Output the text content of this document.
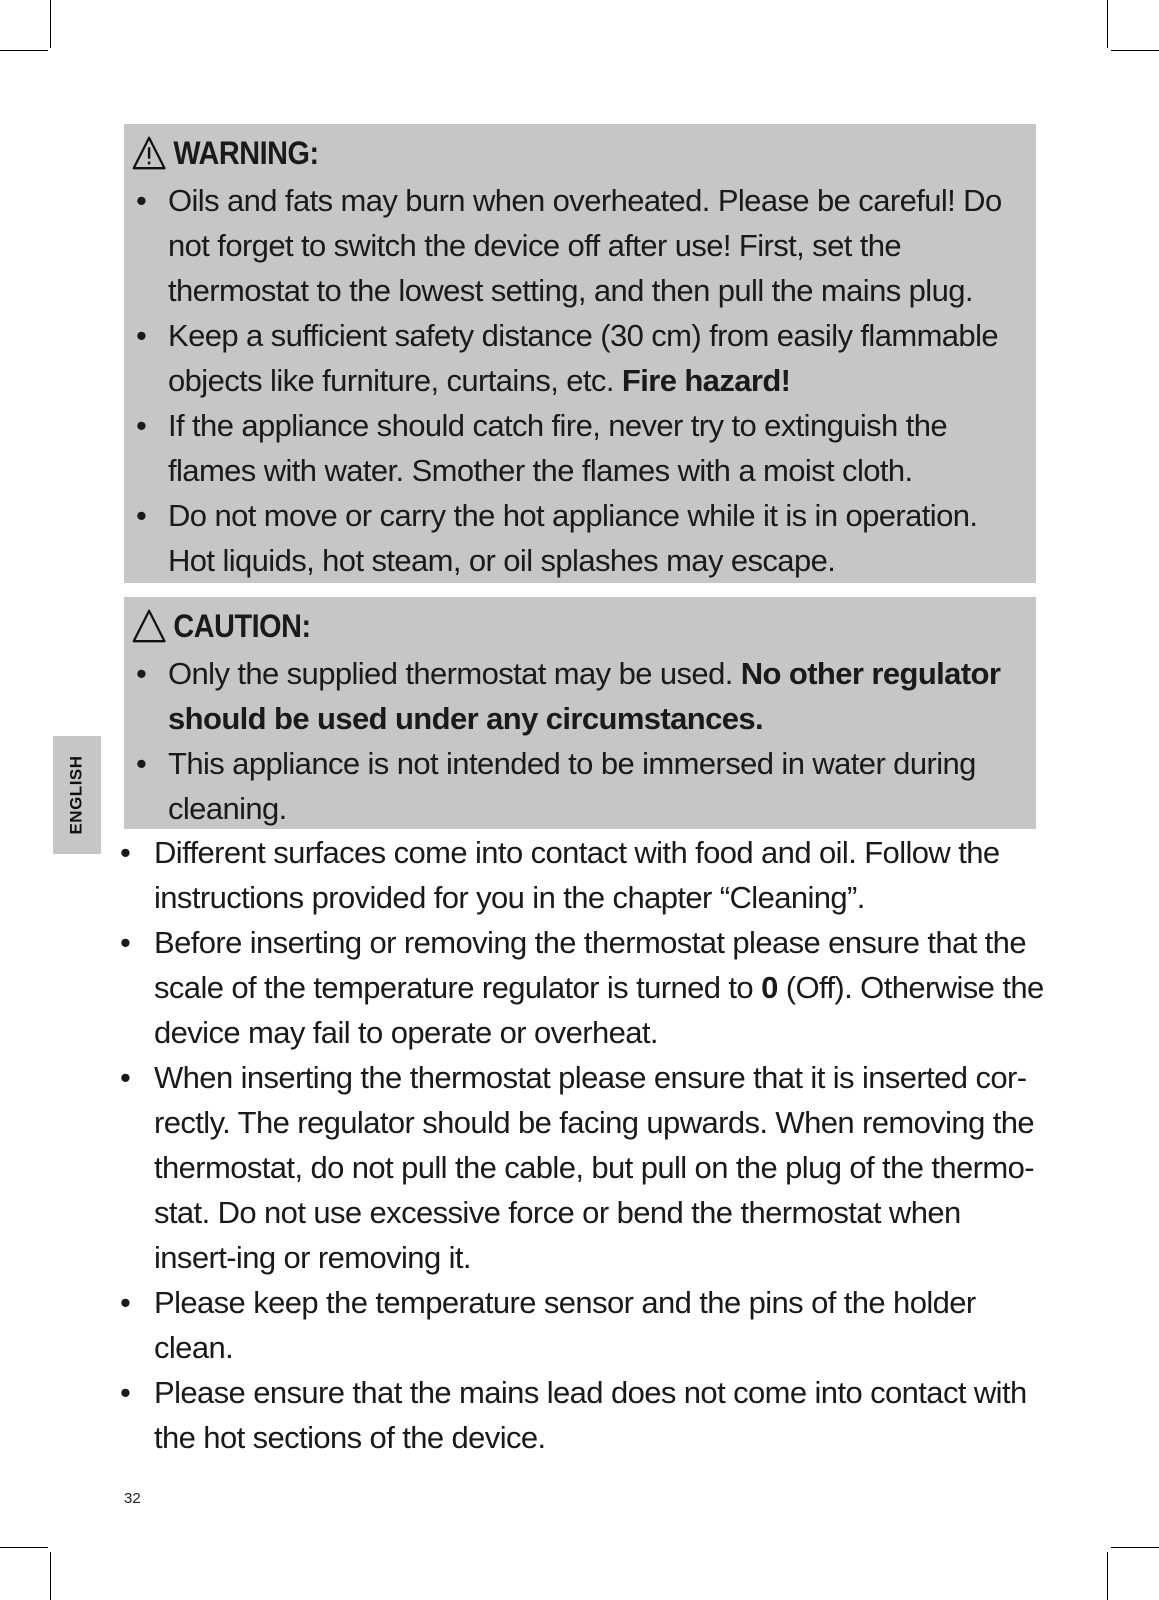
ENGLISH
WARNING:
• Oils and fats may burn when overheated. Please be careful! Do not forget to switch the device off after use! First, set the thermostat to the lowest setting, and then pull the mains plug.
• Keep a sufficient safety distance (30 cm) from easily flammable objects like furniture, curtains, etc. Fire hazard!
• If the appliance should catch fire, never try to extinguish the flames with water. Smother the flames with a moist cloth.
• Do not move or carry the hot appliance while it is in operation. Hot liquids, hot steam, or oil splashes may escape.
CAUTION:
• Only the supplied thermostat may be used. No other regulator should be used under any circumstances.
• This appliance is not intended to be immersed in water during cleaning.
• Different surfaces come into contact with food and oil. Follow the instructions provided for you in the chapter “Cleaning”.
• Before inserting or removing the thermostat please ensure that the scale of the temperature regulator is turned to 0 (Off). Otherwise the device may fail to operate or overheat.
• When inserting the thermostat please ensure that it is inserted cor-rectly. The regulator should be facing upwards. When removing the thermostat, do not pull the cable, but pull on the plug of the thermo-stat. Do not use excessive force or bend the thermostat when insert-ing or removing it.
• Please keep the temperature sensor and the pins of the holder clean.
• Please ensure that the mains lead does not come into contact with the hot sections of the device.
32
